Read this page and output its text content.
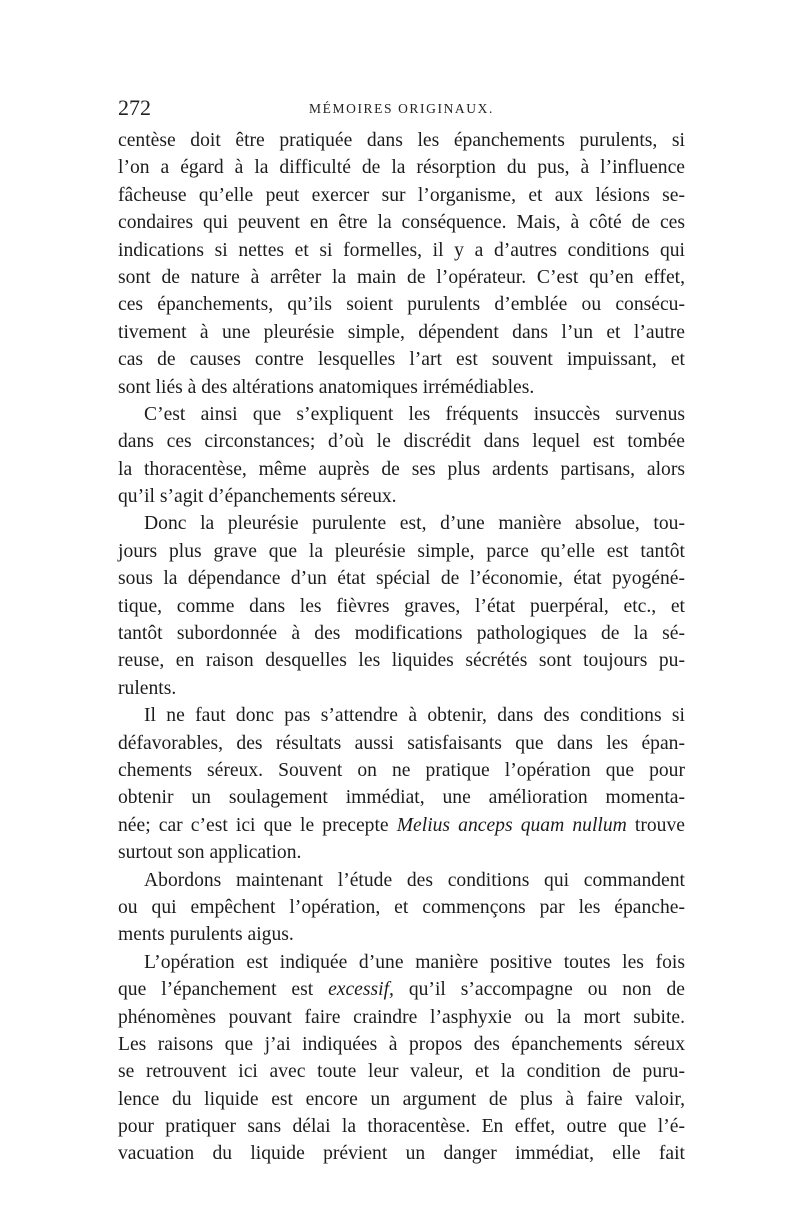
272	MÉMOIRES ORIGINAUX.
centèse doit être pratiquée dans les épanchements purulents, si
l’on a égard à la difficulté de la résorption du pus, à l’influence
fâcheuse qu’elle peut exercer sur l’organisme, et aux lésions se-
condaires qui peuvent en être la conséquence. Mais, à côté de ces
indications si nettes et si formelles, il y a d’autres conditions qui
sont de nature à arrêter la main de l’opérateur. C’est qu’en effet,
ces épanchements, qu’ils soient purulents d’emblée ou consécu-
tivement à une pleurésie simple, dépendent dans l’un et l’autre
cas de causes contre lesquelles l’art est souvent impuissant, et
sont liés à des altérations anatomiques irrémédiables.
C’est ainsi que s’expliquent les fréquents insuccès survenus
dans ces circonstances; d’où le discrédit dans lequel est tombée
la thoracentèse, même auprès de ses plus ardents partisans, alors
qu’il s’agit d’épanchements séreux.
Donc la pleurésie purulente est, d’une manière absolue, tou-
jours plus grave que la pleurésie simple, parce qu’elle est tantôt
sous la dépendance d’un état spécial de l’économie, état pyogéné-
tique, comme dans les fièvres graves, l’état puerpéral, etc., et
tantôt subordonnée à des modifications pathologiques de la sé-
reuse, en raison desquelles les liquides sécrétés sont toujours pu-
rulents.
Il ne faut donc pas s’attendre à obtenir, dans des conditions si
défavorables, des résultats aussi satisfaisants que dans les épan-
chements séreux. Souvent on ne pratique l’opération que pour
obtenir un soulagement immédiat, une amélioration momenta-
née; car c’est ici que le precepte Melius anceps quam nullum trouve
surtout son application.
Abordons maintenant l’étude des conditions qui commandent
ou qui empêchent l’opération, et commençons par les épanche-
ments purulents aigus.
L’opération est indiquée d’une manière positive toutes les fois
que l’épanchement est excessif, qu’il s’accompagne ou non de
phénomènes pouvant faire craindre l’asphyxie ou la mort subite.
Les raisons que j’ai indiquées à propos des épanchements séreux
se retrouvent ici avec toute leur valeur, et la condition de puru-
lence du liquide est encore un argument de plus à faire valoir,
pour pratiquer sans délai la thoracentèse. En effet, outre que l’é-
vacuation du liquide prévient un danger immédiat, elle fait
